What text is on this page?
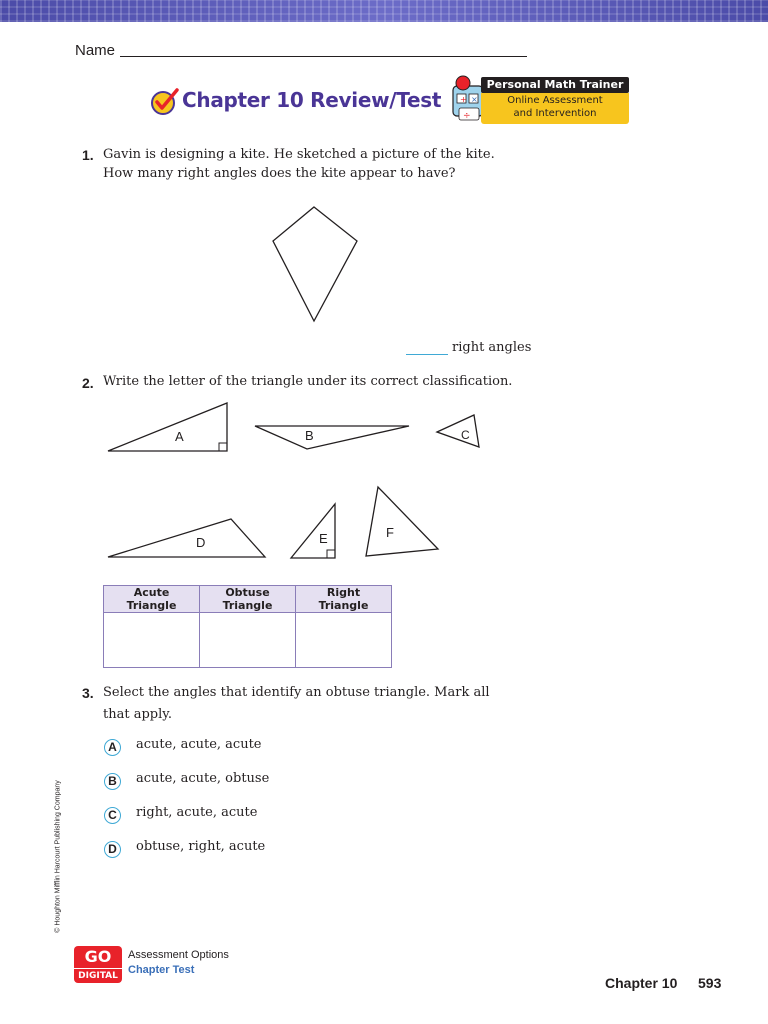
Name
Chapter 10 Review/Test + ×
÷
Personal Math Trainer
Online Assessment
and Intervention
1. Gavin is designing a kite. He sketched a picture of the kite.
How many right angles does the kite appear to have?
right angles
2. Write the letter of the triangle under its correct classification.
A	B	C
D	E	F
Acute Triangle	Obtuse Triangle	Right Triangle

3. Select the angles that identify an obtuse triangle. Mark all
that apply.
A	acute, acute, acute
B	acute, acute, obtuse
C	right, acute, acute
D	obtuse, right, acute
© Houghton Mifflin Harcourt Publishing Company
GO
DIGITAL
Assessment Options
Chapter Test
Chapter 10 593
